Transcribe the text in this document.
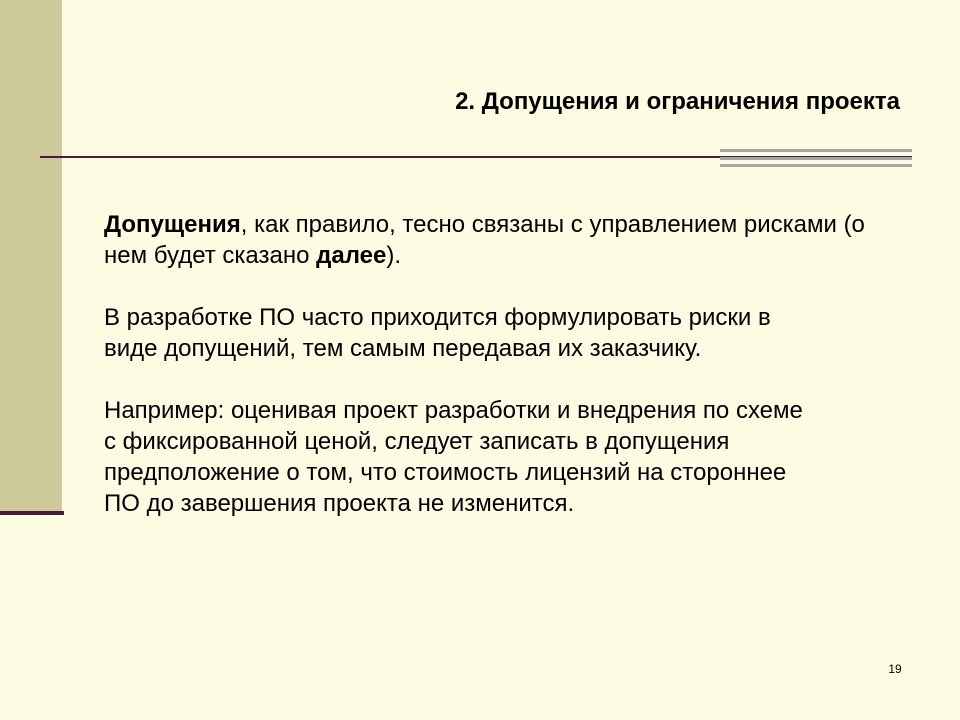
2. Допущения и ограничения проекта

Допущения, как правило, тесно связаны с управлением рисками (о нем будет сказано далее).

В разработке ПО часто приходится формулировать риски в
виде допущений, тем самым передавая их заказчику.

Например: оценивая проект разработки и внедрения по схеме
с фиксированной ценой, следует записать в допущения
предположение о том, что стоимость лицензий на стороннее
ПО до завершения проекта не изменится.

19
